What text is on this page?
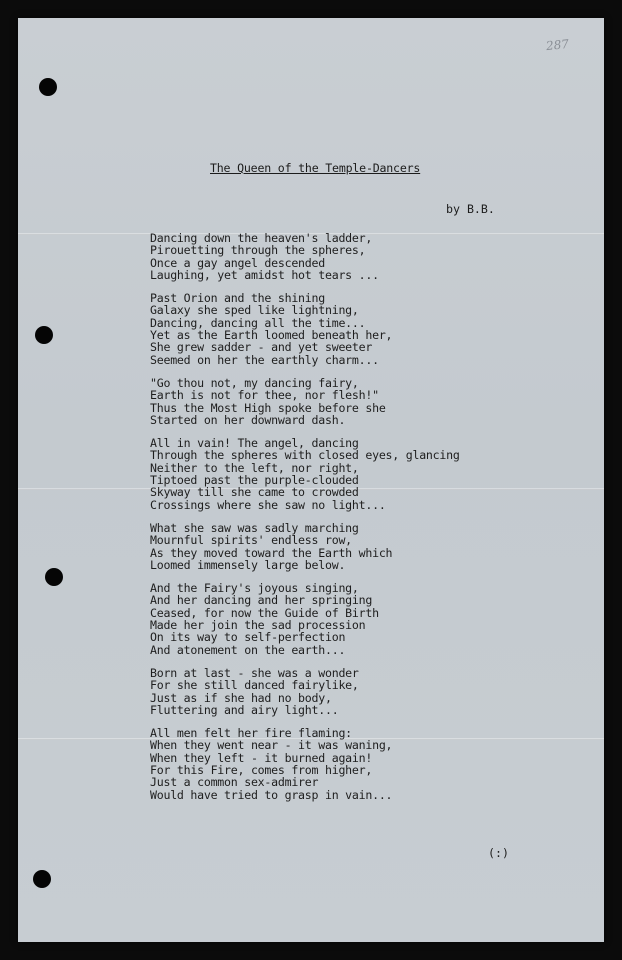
287
The Queen of the Temple-Dancers
by B.B.
Dancing down the heaven's ladder,
Pirouetting through the spheres,
Once a gay angel descended
Laughing, yet amidst hot tears ...
Past Orion and the shining
Galaxy she sped like lightning,
Dancing, dancing all the time...
Yet as the Earth loomed beneath her,
She grew sadder - and yet sweeter
Seemed on her the earthly charm...
"Go thou not, my dancing fairy,
Earth is not for thee, nor flesh!"
Thus the Most High spoke before she
Started on her downward dash.
All in vain! The angel, dancing
Through the spheres with closed eyes, glancing
Neither to the left, nor right,
Tiptoed past the purple-clouded
Skyway till she came to crowded
Crossings where she saw no light...
What she saw was sadly marching
Mournful spirits' endless row,
As they moved toward the Earth which
Loomed immensely large below.
And the Fairy's joyous singing,
And her dancing and her springing
Ceased, for now the Guide of Birth
Made her join the sad procession
On its way to self-perfection
And atonement on the earth...
Born at last - she was a wonder
For she still danced fairylike,
Just as if she had no body,
Fluttering and airy light...
All men felt her fire flaming:
When they went near - it was waning,
When they left - it burned again!
For this Fire, comes from higher,
Just a common sex-admirer
Would have tried to grasp in vain...
(:)
